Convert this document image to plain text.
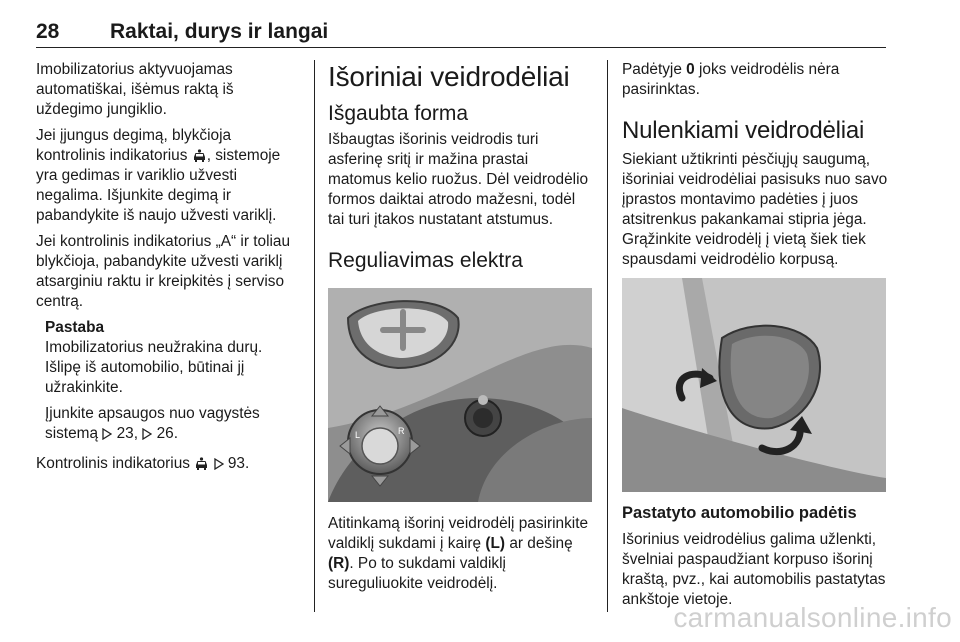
28 Raktai, durys ir langai

Imobilizatorius aktyvuojamas automatiškai, išėmus raktą iš uždegimo jungiklio.

Jei įjungus degimą, blykčioja kontrolinis indikatorius , sistemoje yra gedimas ir variklio užvesti negalima. Išjunkite degimą ir pabandykite iš naujo užvesti variklį.

Jei kontrolinis indikatorius „A“ ir toliau blykčioja, pabandykite užvesti variklį atsarginiu raktu ir kreipkitės į serviso centrą.

Pastaba

Imobilizatorius neužrakina durų. Išlipę iš automobilio, būtinai jį užrakinkite.

Įjunkite apsaugos nuo vagystės sistemą  23,  26.

Kontrolinis indikatorius   93.

Išoriniai veidrodėliai
Išgaubta forma

Išbaugtas išorinis veidrodis turi asferinę sritį ir mažina prastai matomus kelio ruožus. Dėl veidrodėlio formos daiktai atrodo mažesni, todėl tai turi įtakos nustatant atstumus.

Reguliavimas elektra
L	R

Atitinkamą išorinį veidrodėlį pasirinkite valdiklį sukdami į kairę (L) ar dešinę (R). Po to sukdami valdiklį sureguliuokite veidrodėlį.

Padėtyje 0 joks veidrodėlis nėra pasirinktas.

Nulenkiami veidrodėliai

Siekiant užtikrinti pėsčiųjų saugumą, išoriniai veidrodėliai pasisuks nuo savo įprastos montavimo padėties į juos atsitrenkus pakankamai stipria jėga. Grąžinkite veidrodėlį į vietą šiek tiek spausdami veidrodėlio korpusą.

Pastatyto automobilio padėtis

Išorinius veidrodėlius galima užlenkti, švelniai paspaudžiant korpuso išorinį kraštą, pvz., kai automobilis pastatytas ankštoje vietoje.

carmanualsonline.info
